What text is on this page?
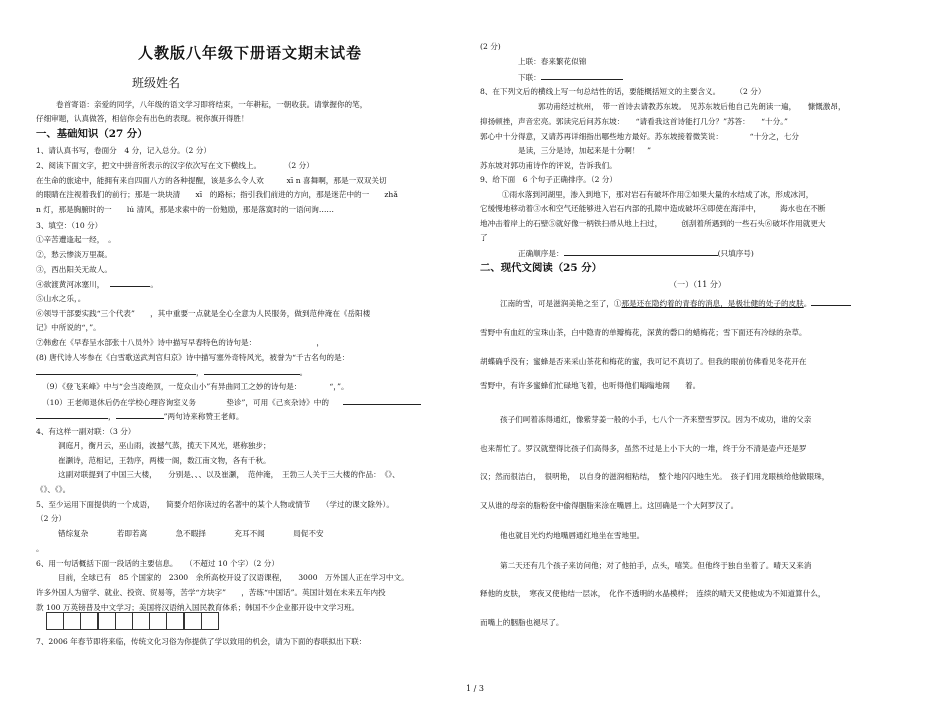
人教版八年级下册语文期末试卷
班级姓名
卷首寄语：亲爱的同学，八年级的语文学习即将结束，一年耕耘，一朝收获。请掌握你的笔，
仔细审题，认真做答，相信你会有出色的表现。祝你旗开得胜！
一、基础知识（27 分）
1、请认真书写，卷面分　4 分，记入总分。（2 分）
2、阅读下面文字，把文中拼音所表示的汉字依次写在文下横线上。　　　　（2 分）
在生命的旅途中，能拥有来自四面八方的各种提醒，该是多么令人欢　　　xī n 喜舞啊，那是一双双关切
的眼睛在注视着我们的前行；那是一块块清　　xī　的路标；指引我们前进的方向，那是迷茫中的一　　zhǎ
n 灯，那是胸腑时的一　　lú 清风，那是求索中的一份勉励，那是落寞时的一语问询……
3、填空：（10 分）
①辛苦遭逢起一经，　。
②，愁云惨淡万里凝。
③，西出阳关无故人。
④欲渡黄河冰塞川，	。
⑤山水之乐，。
⑥领导干部要实践“三个代表”　　，其中重要一点就是全心全意为人民服务，做到范仲淹在《岳阳楼
记》中所说的“，”。
⑦韩愈在《早春呈水部张十八员外》诗中描写早春特色的诗句是：	，
(8) 唐代诗人岑参在《白雪歌送武判官归京》诗中描写塞外奇特风光，被誉为“千古名句的是：
，	。
（9）《登飞来峰》中与“会当凌绝顶，一览众山小”有异曲同工之妙的诗句是：	“，”。
（10）王老师退休后仍在学校心理咨询室义务　　　　垫诊”，可用《己亥杂诗》中的
，	”两句诗来称赞王老师。
4、有这样一副对联：（3 分）
洞庭月，衡月云，巫山雨，波撼气蒸，揽天下风光，堪称独步；
崔灏诗，范相记，王勃序，两楼一阁，数江南文物，各有千秋。
这副对联提到了中国三大楼，　　分别是、、、以及崔灏，　范仲淹，　王勃三人关于三大楼的作品：　《》、
《》、《》。
5、至少运用下面提供的一个成语，　　简要介绍你读过的名著中的某个人物或情节　　（学过的课文除外）。
（2 分）
错综复杂	若即若离	急不暇择	充耳不闻	局促不安
。
6、用一句话概括下面一段话的主要信息。　　（不超过 10 个字）（2 分）
目前，全球已有　85 个国家的　2300　余所高校开设了汉语课程，　　3000　万外国人正在学习中文。
许多外国人为留学、就业、投资、贸易等，苦学“方块字”　　，苦练“中国话”。英国计划在未来五年内投
款 100 万英镑普及中文学习；美国将汉语纳入国民教育体系；韩国不少企业都开设中文学习班。
7、2006 年春节即将来临，传统文化习俗为你提供了学以致用的机会，请为下面的春联拟出下联：
(2 分)
上联：春来繁花似锦
下联：
8、在下列文后的横线上写一句总结性的话，要能概括短文的主要含义。　　　（2 分）
郭功甫经过杭州，　带一首诗去请教苏东坡。　见苏东坡后他自己先朗读一遍，　　慷慨激昂，
抑扬顿挫，声音宏亮。郭读完后问苏东坡：　　“请看我这首诗能打几分？”苏答：　　“十分。”
郭心中十分得意，又请苏再详细指出哪些地方最好。苏东坡接着微笑说：　　　　“十分之，七分
是读，三分是诗，加起来是十分啊！　”
苏东坡对郭功甫诗作的评说，告诉我们。
9、给下面　6 个句子正确排序。（2 分）
①雨水落到河湖里，渗入到地下，那对岩石有破坏作用②如果大量的水结成了冰，形成冰河，
它缓慢地移动着③水和空气还能够进入岩石内部的孔隙中造成破坏④即使在海洋中，　　　海水也在不断
地冲击着岸上的石壁⑤就好像一柄铁扫帚从地上扫过，　　　创刮着所遇到的一些石头⑥破坏作用就更大
了
正确顺序是：	(只填序号)
二、现代文阅读（25 分）
（一）（11 分）
江南的雪，可是滋润美艳之至了，①那是还在隐约着的青春的消息，是极壮健的处子的皮肤。
雪野中有血红的宝珠山茶，白中隐青的单瓣梅花，深黄的磬口的蜡梅花；雪下面还有冷绿的杂草。
胡蝶确乎没有；蜜蜂是否来采山茶花和梅花的蜜，我可记不真切了。但我的眼前仿佛看见冬花开在
雪野中，有许多蜜蜂们忙碌地飞着，也听得他们嗡嗡地闹　　着。
孩子们呵着冻得通红，像紫芽姜一般的小手，七八个一齐来塑雪罗汉。因为不成功，谁的父亲
也来帮忙了。罗汉就塑得比孩子们高得多，虽然不过是上小下大的一堆，终于分不清是壶卢还是罗
汉；然而很洁白，　很明艳，　以自身的滋润相粘结，　整个地闪闪地生光。　孩子们用龙眼核给他做眼珠，
又从谁的母亲的脂粉奁中偷得胭脂来涂在嘴唇上。这回确是一个大阿罗汉了。
他也就目光灼灼地嘴唇通红地坐在雪地里。
第二天还有几个孩子来访问他；对了他拍手，点头，嘻笑。但他终于独自坐着了。晴天又来消
释他的皮肤，　寒夜又使他结一层冰，　化作不透明的水晶模样；　连续的晴天又使他成为不知道算什么，
而嘴上的胭脂也褪尽了。
1 / 3
